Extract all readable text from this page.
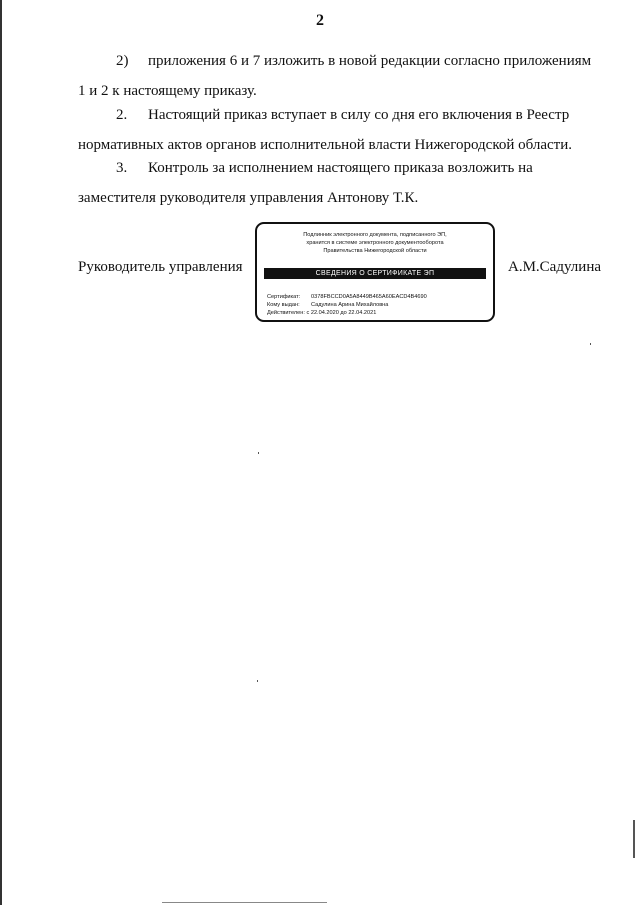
2
2) приложения 6 и 7 изложить в новой редакции согласно приложениям
1 и 2 к настоящему приказу.
2. Настоящий приказ вступает в силу со дня его включения в Реестр
нормативных актов органов исполнительной власти Нижегородской области.
3. Контроль за исполнением настоящего приказа возложить на
заместителя руководителя управления Антонову Т.К.
Руководитель управления
Подлинник электронного документа, подписанного ЭП,
хранится в системе электронного документооборота
Правительства Нижегородской области
СВЕДЕНИЯ О СЕРТИФИКАТЕ ЭП
Сертификат: 0378FBCCD0A5A8449B465A60EACD4B4690
Кому выдан: Садулина Арина Михайловна
Действителен: с 22.04.2020 до 22.04.2021
А.М.Садулина
